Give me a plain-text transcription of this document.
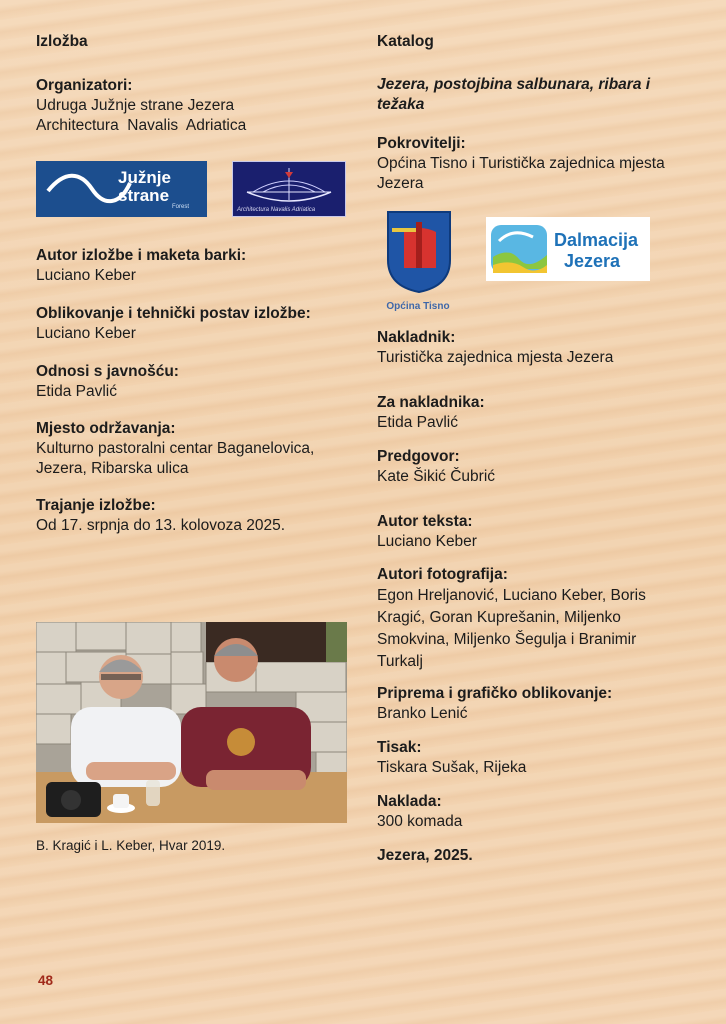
Izložba
Organizatori:
Udruga Južnje strane Jezera
Architectura  Navalis  Adriatica
Autor izložbe i maketa barki:
Luciano Keber
Oblikovanje i tehnički postav izložbe:
Luciano Keber
Odnosi s javnošću:
Etida Pavlić
Mjesto održavanja:
Kulturno pastoralni centar Baganelovica,
Jezera, Ribarska ulica
Trajanje izložbe:
Od 17. srpnja do 13. kolovoza 2025.
Južnje
strane
Forest	Architectura Navalis Adriatica
B. Kragić i L. Keber, Hvar 2019.
Katalog
Jezera, postojbina salbunara, ribara i
težaka
Pokrovitelji:
Općina Tisno i Turistička zajednica mjesta
Jezera
Općina Tisno
Dalmacija
Jezera
Nakladnik:
Turistička zajednica mjesta Jezera
Za nakladnika:
Etida Pavlić
Predgovor:
Kate Šikić Čubrić
Autor teksta:
Luciano Keber
Autori fotografija:
Egon Hreljanović, Luciano Keber, Boris
Kragić, Goran Kuprešanin, Miljenko
Smokvina, Miljenko Šegulja i Branimir
Turkalj
Priprema i grafičko oblikovanje:
Branko Lenić
Tisak:
Tiskara Sušak, Rijeka
Naklada:
300 komada
Jezera, 2025.
48
